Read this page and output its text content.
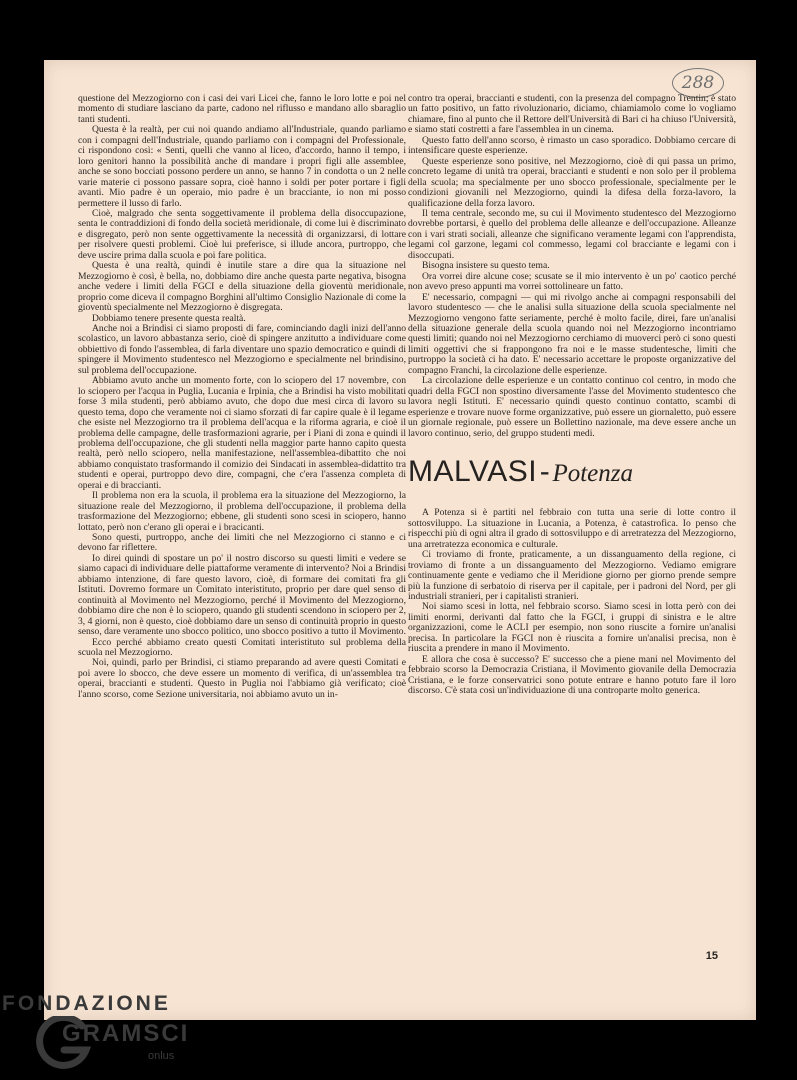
288

questione del Mezzogiorno con i casi dei vari Licei che, fanno le loro lotte e poi nel momento di studiare lasciano da parte, cadono nel riflusso e mandano allo sbaraglio tanti studenti.

Questa è la realtà, per cui noi quando andiamo all'Industriale, quando parliamo con i compagni dell'Industriale, quando parliamo con i compagni del Professionale, ci rispondono così: « Senti, quelli che vanno al liceo, d'accordo, hanno il tempo, i loro genitori hanno la possibilità anche di mandare i propri figli alle assemblee, anche se sono bocciati possono perdere un anno, se hanno 7 in condotta o un 2 nelle varie materie ci possono passare sopra, cioè hanno i soldi per poter portare i figli avanti. Mio padre è un operaio, mio padre è un bracciante, io non mi posso permettere il lusso di farlo.

Cioè, malgrado che senta soggettivamente il problema della disoccupazione, senta le contraddizioni di fondo della società meridionale, di come lui è discriminato e disgregato, però non sente oggettivamente la necessità di organizzarsi, di lottare per risolvere questi problemi. Cioè lui preferisce, si illude ancora, purtroppo, che deve uscire prima dalla scuola e poi fare politica.

Questa è una realtà, quindi è inutile stare a dire qua la situazione nel Mezzogiorno è così, è bella, no, dobbiamo dire anche questa parte negativa, bisogna anche vedere i limiti della FGCI e della situazione della gioventù meridionale, proprio come diceva il compagno Borghini all'ultimo Consiglio Nazionale di come la gioventù specialmente nel Mezzogiorno è disgregata.

Dobbiamo tenere presente questa realtà.

Anche noi a Brindisi ci siamo proposti di fare, cominciando dagli inizi dell'anno scolastico, un lavoro abbastanza serio, cioè di spingere anzitutto a individuare come obbiettivo di fondo l'assemblea, di farla diventare uno spazio democratico e quindi di spingere il Movimento studentesco nel Mezzogiorno e specialmente nel brindisino, sul problema dell'occupazione.

Abbiamo avuto anche un momento forte, con lo sciopero del 17 novembre, con lo sciopero per l'acqua in Puglia, Lucania e Irpinia, che a Brindisi ha visto mobilitati forse 3 mila studenti, però abbiamo avuto, che dopo due mesi circa di lavoro su questo tema, dopo che veramente noi ci siamo sforzati di far capire quale è il legame che esiste nel Mezzogiorno tra il problema dell'acqua e la riforma agraria, e cioè il problema delle campagne, delle trasformazioni agrarie, per i Piani di zona e quindi il problema dell'occupazione, che gli studenti nella maggior parte hanno capito questa realtà, però nello sciopero, nella manifestazione, nell'assemblea-dibattito che noi abbiamo conquistato trasformando il comizio dei Sindacati in assemblea-didattito tra studenti e operai, purtroppo devo dire, compagni, che c'era l'assenza completa di operai e di braccianti.

Il problema non era la scuola, il problema era la situazione del Mezzogiorno, la situazione reale del Mezzogiorno, il problema dell'occupazione, il problema della trasformazione del Mezzogiorno; ebbene, gli studenti sono scesi in sciopero, hanno lottato, però non c'erano gli operai e i bracicanti.

Sono questi, purtroppo, anche dei limiti che nel Mezzogiorno ci stanno e ci devono far riflettere.

Io direi quindi di spostare un po' il nostro discorso su questi limiti e vedere se siamo capaci di individuare delle piattaforme veramente di intervento? Noi a Brindisi abbiamo intenzione, di fare questo lavoro, cioè, di formare dei comitati fra gli Istituti. Dovremo formare un Comitato interistituto, proprio per dare quel senso di continuità al Movimento nel Mezzogiorno, perché il Movimento del Mezzogiorno, dobbiamo dire che non è lo sciopero, quando gli studenti scendono in sciopero per 2, 3, 4 giorni, non è questo, cioè dobbiamo dare un senso di continuità proprio in questo senso, dare veramente uno sbocco politico, uno sbocco positivo a tutto il Movimento.

Ecco perché abbiamo creato questi Comitati interistituto sul problema della scuola nel Mezzogiorno.

Noi, quindi, parlo per Brindisi, ci stiamo preparando ad avere questi Comitati e poi avere lo sbocco, che deve essere un momento di verifica, di un'assemblea tra operai, braccianti e studenti. Questo in Puglia noi l'abbiamo già verificato; cioè l'anno scorso, come Sezione universitaria, noi abbiamo avuto un in-

contro tra operai, braccianti e studenti, con la presenza del compagno Trentin; è stato un fatto positivo, un fatto rivoluzionario, diciamo, chiamiamolo come lo vogliamo chiamare, fino al punto che il Rettore dell'Università di Bari ci ha chiuso l'Università, e siamo stati costretti a fare l'assemblea in un cinema.

Questo fatto dell'anno scorso, è rimasto un caso sporadico. Dobbiamo cercare di intensificare queste esperienze.

Queste esperienze sono positive, nel Mezzogiorno, cioè di qui passa un primo, concreto legame di unità tra operai, braccianti e studenti e non solo per il problema della scuola; ma specialmente per uno sbocco professionale, specialmente per le condizioni giovanili nel Mezzogiorno, quindi la difesa della forza-lavoro, la qualificazione della forza lavoro.

Il tema centrale, secondo me, su cui il Movimento studentesco del Mezzogiorno dovrebbe portarsi, è quello del problema delle alleanze e dell'occupazione. Alleanze con i vari strati sociali, alleanze che significano veramente legami con l'apprendista, legami col garzone, legami col commesso, legami col bracciante e legami con i disoccupati.

Bisogna insistere su questo tema.

Ora vorrei dire alcune cose; scusate se il mio intervento è un po' caotico perché non avevo preso appunti ma vorrei sottolineare un fatto.

E' necessario, compagni — qui mi rivolgo anche ai compagni responsabili del lavoro studentesco — che le analisi sulla situazione della scuola specialmente nel Mezzogiorno vengono fatte seriamente, perché è molto facile, direi, fare un'analisi della situazione generale della scuola quando noi nel Mezzogiorno incontriamo questi limiti; quando noi nel Mezzogiorno cerchiamo di muoverci però ci sono questi limiti oggettivi che si frappongono fra noi e le masse studentesche, limiti che purtroppo la società ci ha dato. E' necessario accettare le proposte organizzative del compagno Franchi, la circolazione delle esperienze.

La circolazione delle esperienze e un contatto continuo col centro, in modo che quadri della FGCI non spostino diversamente l'asse del Movimento studentesco che lavora negli Istituti. E' necessario quindi questo continuo contatto, scambi di esperienze e trovare nuove forme organizzative, può essere un giornaletto, può essere un giornale regionale, può essere un Bollettino nazionale, ma deve essere anche un lavoro continuo, serio, del gruppo studenti medi.

MALVASI - Potenza

A Potenza si è partiti nel febbraio con tutta una serie di lotte contro il sottosviluppo. La situazione in Lucania, a Potenza, è catastrofica. Io penso che rispecchi più di ogni altra il grado di sottosviluppo e di arretratezza del Mezzogiorno, una arretratezza economica e culturale.

Ci troviamo di fronte, praticamente, a un dissanguamento della regione, ci troviamo di fronte a un dissanguamento del Mezzogiorno. Vediamo emigrare continuamente gente e vediamo che il Meridione giorno per giorno prende sempre più la funzione di serbatoio di riserva per il capitale, per i padroni del Nord, per gli industriali stranieri, per i capitalisti stranieri.

Noi siamo scesi in lotta, nel febbraio scorso. Siamo scesi in lotta però con dei limiti enormi, derivanti dal fatto che la FGCI, i gruppi di sinistra e le altre organizzazioni, come le ACLI per esempio, non sono riuscite a fornire un'analisi precisa. In particolare la FGCI non è riuscita a fornire un'analisi precisa, non è riuscita a prendere in mano il Movimento.

E allora che cosa è successo? E' successo che a piene mani nel Movimento del febbraio scorso la Democrazia Cristiana, il Movimento giovanile della Democrazia Cristiana, e le forze conservatrici sono potute entrare e hanno potuto fare il loro discorso. C'è stata così un'individuazione di una controparte molto generica.

15
FONDAZIONE
GRAMSCI
onlus
